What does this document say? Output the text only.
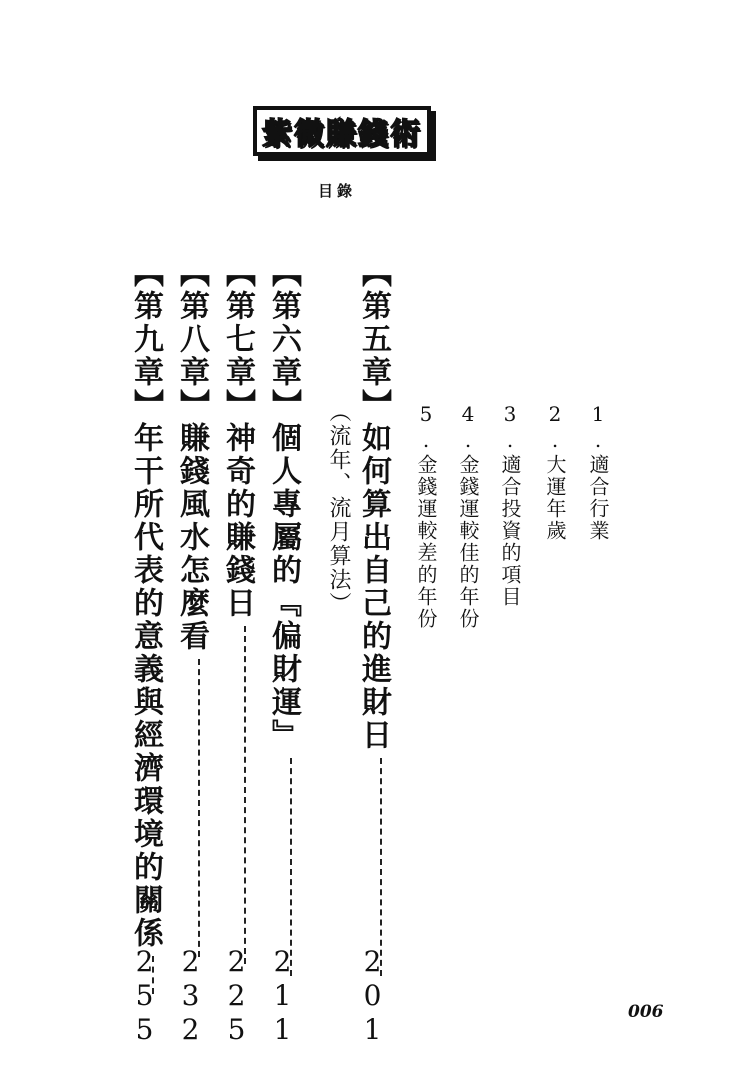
紫微賺錢術
目錄
1.適合行業
2.大運年歲
3.適合投資的項目
4.金錢運較佳的年份
5.金錢運較差的年份
【第五章】如何算出自己的進財日
201
︵流年、流月算法︶
【第六章】個人專屬的『偏財運』
211
【第七章】神奇的賺錢日
225
【第八章】賺錢風水怎麼看
232
【第九章】年干所代表的意義與經濟環境的關係
255	006
